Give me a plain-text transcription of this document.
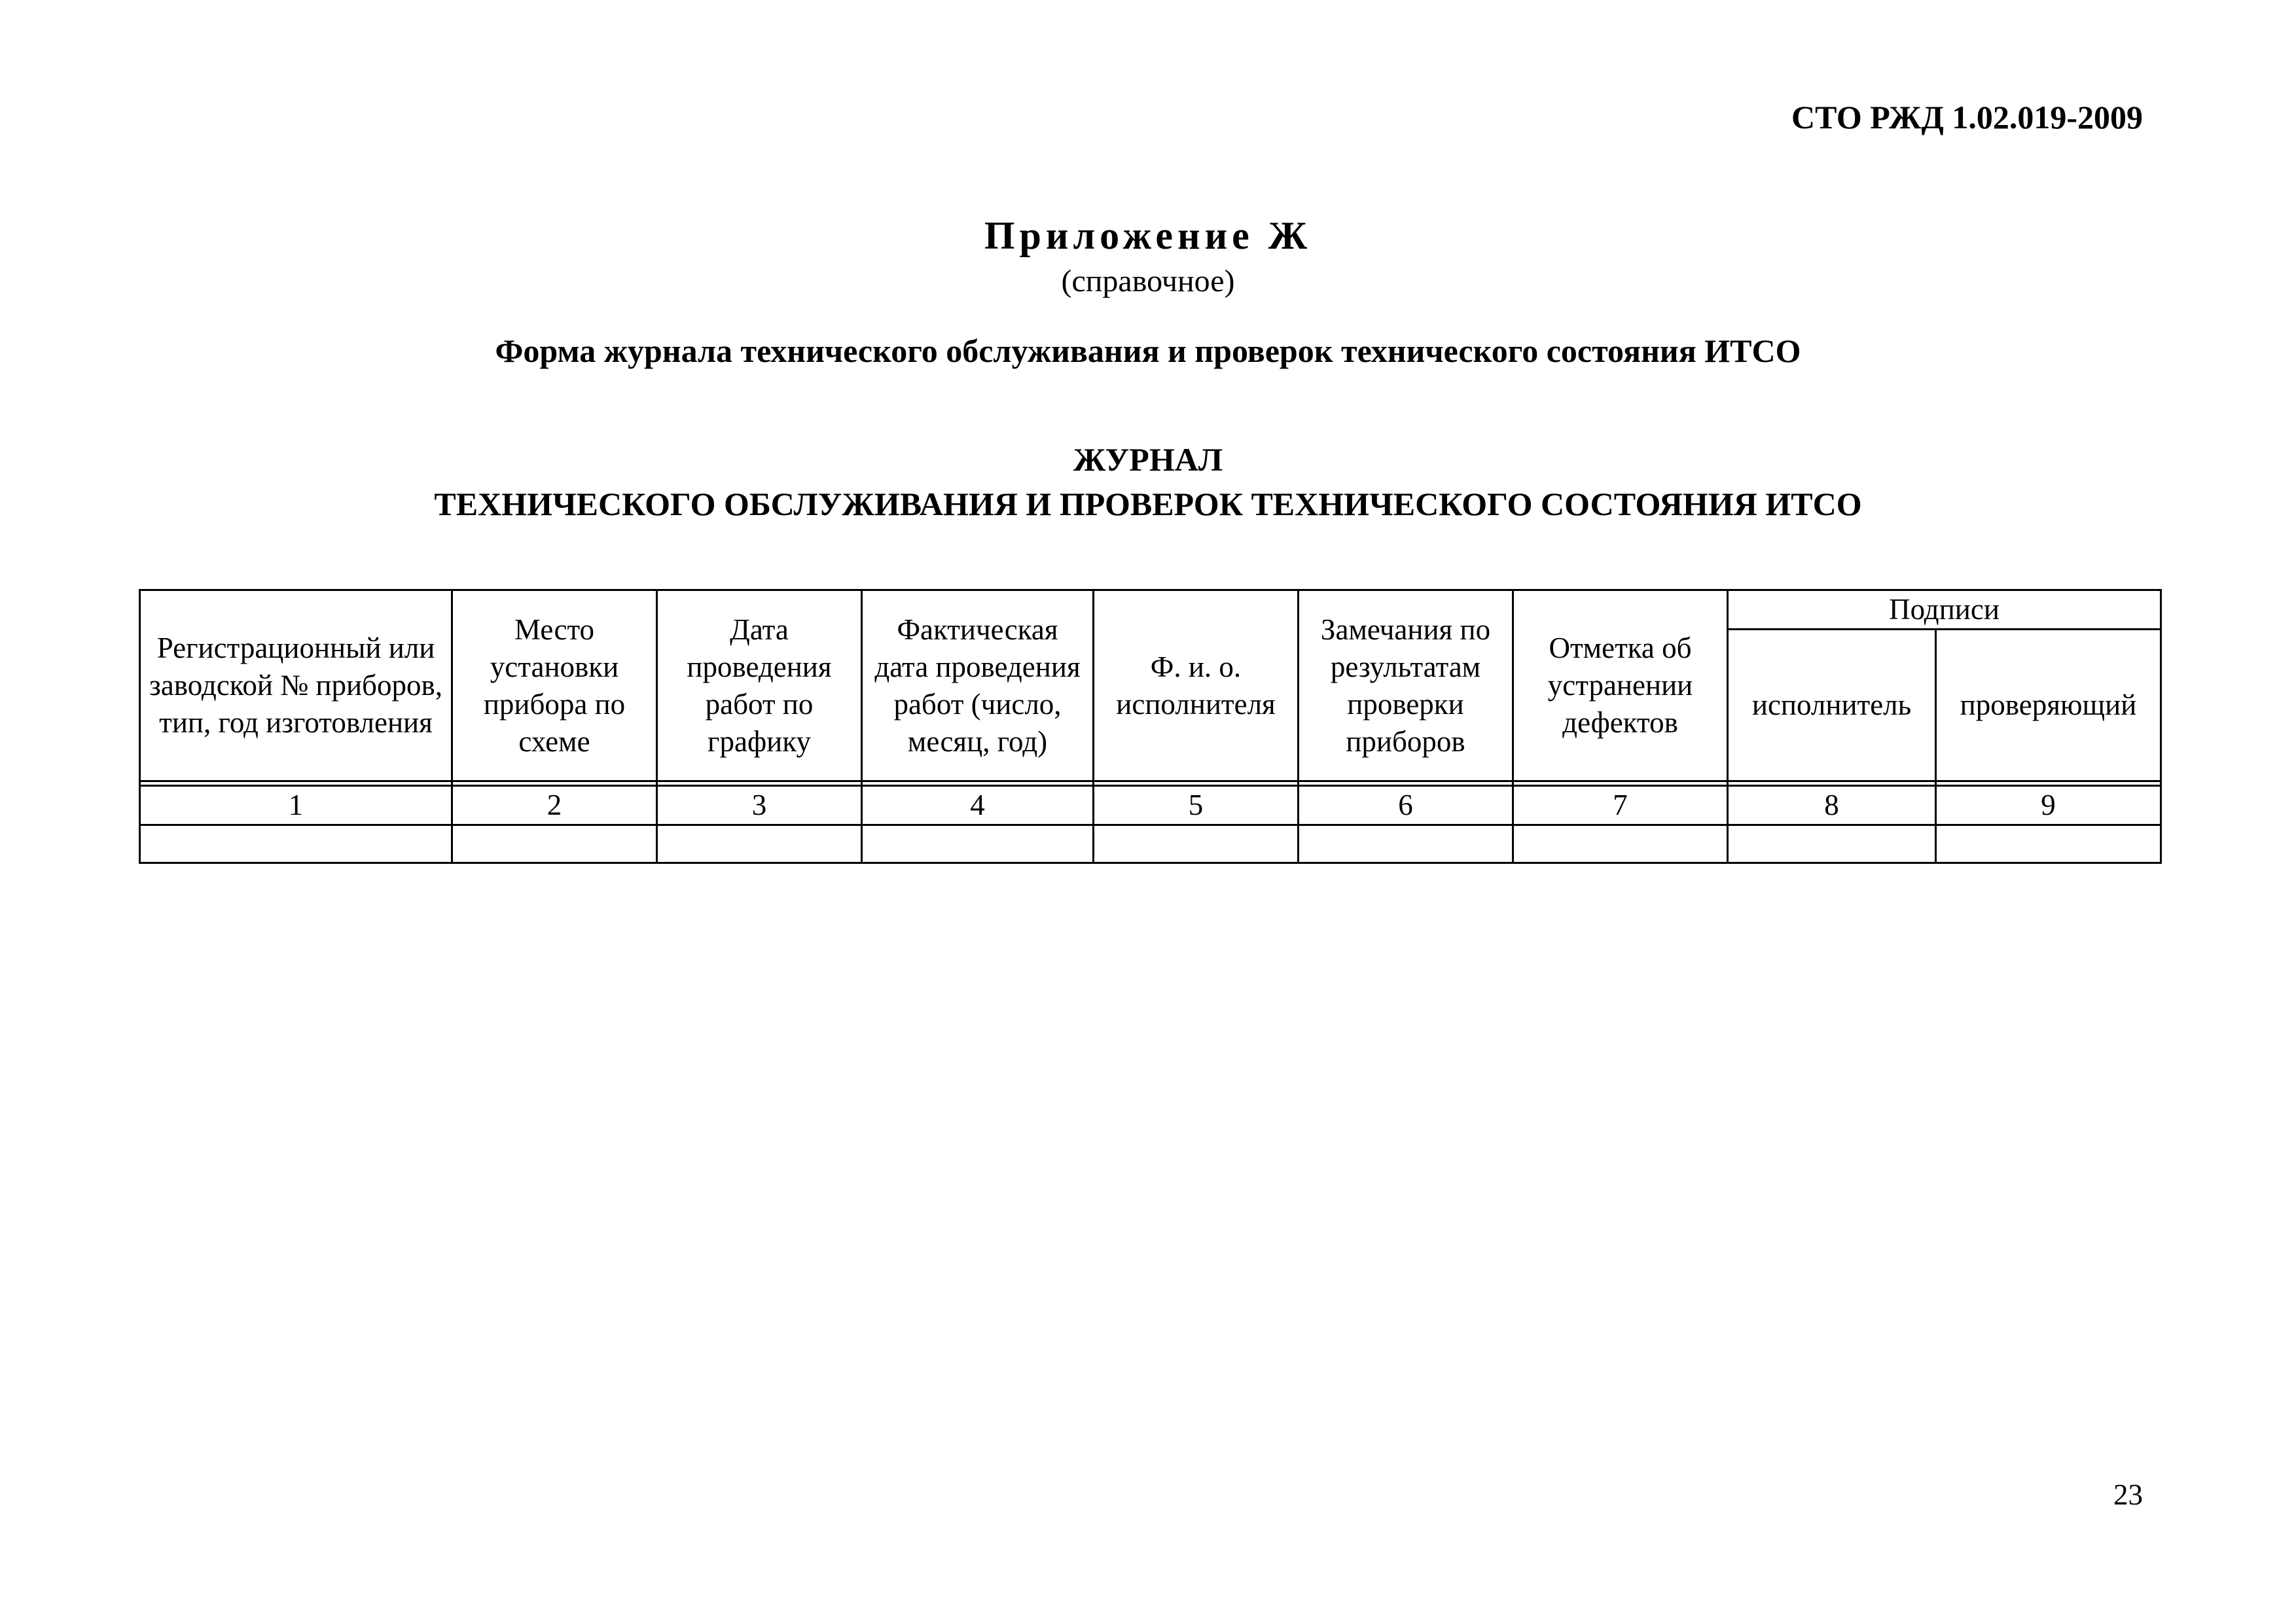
СТО РЖД 1.02.019-2009
Приложение Ж
(справочное)
Форма журнала технического обслуживания и проверок технического состояния ИТСО
ЖУРНАЛ
ТЕХНИЧЕСКОГО ОБСЛУЖИВАНИЯ И ПРОВЕРОК ТЕХНИЧЕСКОГО СОСТОЯНИЯ ИТСО
Регистрационный или заводской № приборов, тип, год изготовления	Место установки прибора по схеме	Дата проведения работ по графику	Фактическая дата проведения работ (число, месяц, год)	Ф. и. о. исполнителя	Замечания по результатам проверки приборов	Отметка об устранении дефектов	Подписи	
							исполнитель	проверяющий

1	2	3	4	5	6	7	8	9

23
